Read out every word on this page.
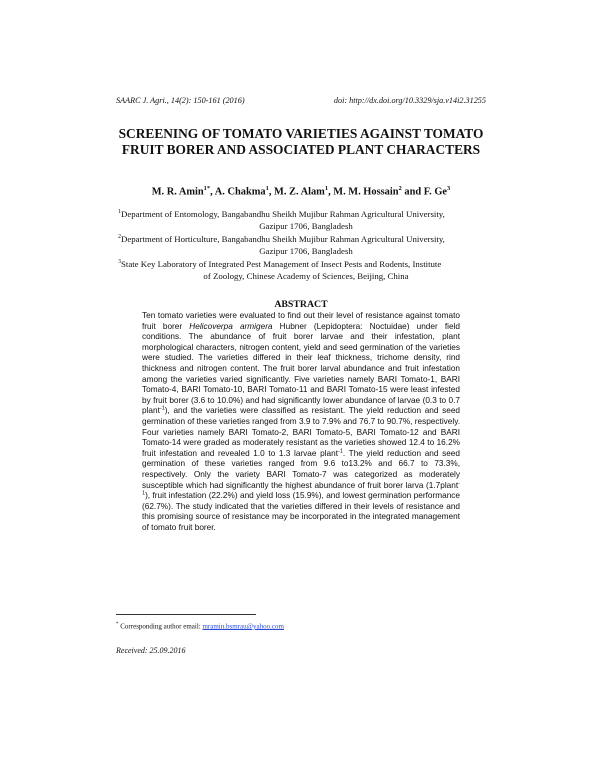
SAARC J. Agri., 14(2): 150-161 (2016)	doi: http://dx.doi.org/10.3329/sja.v14i2.31255
SCREENING OF TOMATO VARIETIES AGAINST TOMATO FRUIT BORER AND ASSOCIATED PLANT CHARACTERS
M. R. Amin$^{1*}$, A. Chakma$^1$, M. Z. Alam$^1$, M. M. Hossain$^2$ and F. Ge$^3$
$^1$Department of Entomology, Bangabandhu Sheikh Mujibur Rahman Agricultural University,
Gazipur 1706, Bangladesh
$^2$Department of Horticulture, Bangabandhu Sheikh Mujibur Rahman Agricultural University,
Gazipur 1706, Bangladesh
$^3$State Key Laboratory of Integrated Pest Management of Insect Pests and Rodents, Institute
of Zoology, Chinese Academy of Sciences, Beijing, China
ABSTRACT
Ten tomato varieties were evaluated to find out their level of resistance against tomato fruit borer Helicoverpa armigera Hubner (Lepidoptera: Noctuidae) under field conditions. The abundance of fruit borer larvae and their infestation, plant morphological characters, nitrogen content, yield and seed germination of the varieties were studied. The varieties differed in their leaf thickness, trichome density, rind thickness and nitrogen content. The fruit borer larval abundance and fruit infestation among the varieties varied significantly. Five varieties namely BARI Tomato-1, BARI Tomato-4, BARI Tomato-10, BARI Tomato-11 and BARI Tomato-15 were least infested by fruit borer (3.6 to 10.0%) and had significantly lower abundance of larvae (0.3 to 0.7 plant$^{-1}$), and the varieties were classified as resistant. The yield reduction and seed germination of these varieties ranged from 3.9 to 7.9% and 76.7 to 90.7%, respectively. Four varieties namely BARI Tomato-2, BARI Tomato-5, BARI Tomato-12 and BARI Tomato-14 were graded as moderately resistant as the varieties showed 12.4 to 16.2% fruit infestation and revealed 1.0 to 1.3 larvae plant$^{-1}$. The yield reduction and seed germination of these varieties ranged from 9.6 to13.2% and 66.7 to 73.3%, respectively. Only the variety BARI Tomato-7 was categorized as moderately susceptible which had significantly the highest abundance of fruit borer larva (1.7plant$^{-1}$), fruit infestation (22.2%) and yield loss (15.9%), and lowest germination performance (62.7%). The study indicated that the varieties differed in their levels of resistance and this promising source of resistance may be incorporated in the integrated management of tomato fruit borer.
* Corresponding author email: mramin.bsmrau@yahoo.com
Received: 25.09.2016
